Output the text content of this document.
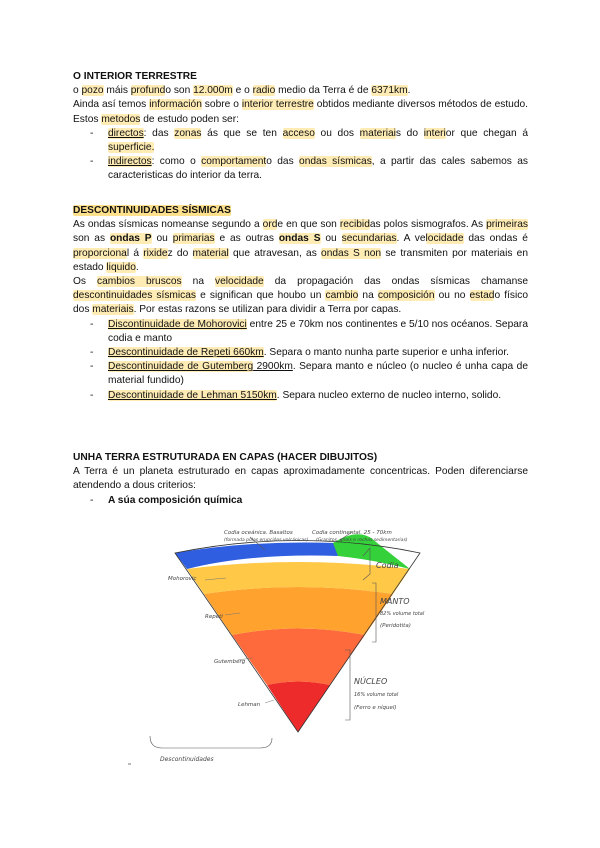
O INTERIOR TERRESTRE

o pozo máis profundo son 12.000m e o radio medio da Terra é de 6371km.

Ainda así temos información sobre o interior terrestre obtidos mediante diversos métodos de estudo. Estos metodos de estudo poden ser:

- directos: das zonas ás que se ten acceso ou dos materiais do interior que chegan á superficie.
- indirectos: como o comportamento das ondas sísmicas, a partir das cales sabemos as caracteristicas do interior da terra.
DESCONTINUIDADES SÍSMICAS

As ondas sísmicas nomeanse segundo a orde en que son recibidas polos sismografos. As primeiras son as ondas P ou primarias e as outras ondas S ou secundarias. A velocidade das ondas é proporcional á rixidez do material que atravesan, as ondas S non se transmiten por materiais en estado liquido.

Os cambios bruscos na velocidade da propagación das ondas sísmicas chamanse descontinuidades sísmicas e significan que houbo un cambio na composición ou no estado físico dos materiais. Por estas razons se utilizan para dividir a Terra por capas.

- Discontinuidade de Mohorovici entre 25 e 70km nos continentes e 5/10 nos océanos. Separa codia e manto
- Descontinuidade de Repeti 660km. Separa o manto nunha parte superior e unha inferior.
- Descontinuidade de Gutemberg 2900km. Separa manto e núcleo (o nucleo é unha capa de material fundido)
- Descontinuidade de Lehman 5150km. Separa nucleo externo de nucleo interno, solido.
UNHA TERRA ESTRUTURADA EN CAPAS (HACER DIBUJITOS)

A Terra é un planeta estruturado en capas aproximadamente concentricas. Poden diferenciarse atendendo a dous criterios:

- A súa composición química
Codia oceánica. Basaltos
(formada polas erupcións volcánicas)
Codia continental. 25 - 70km
(Granitos, gneis e rochas sedimentarias)
Codia
MANTO
82% volume total
(Peridotita)
NÚCLEO
16% volume total
(Ferro e níquel)
Mohorovic
Repeti
Gutemberg
Lehman
Descontinuidades
